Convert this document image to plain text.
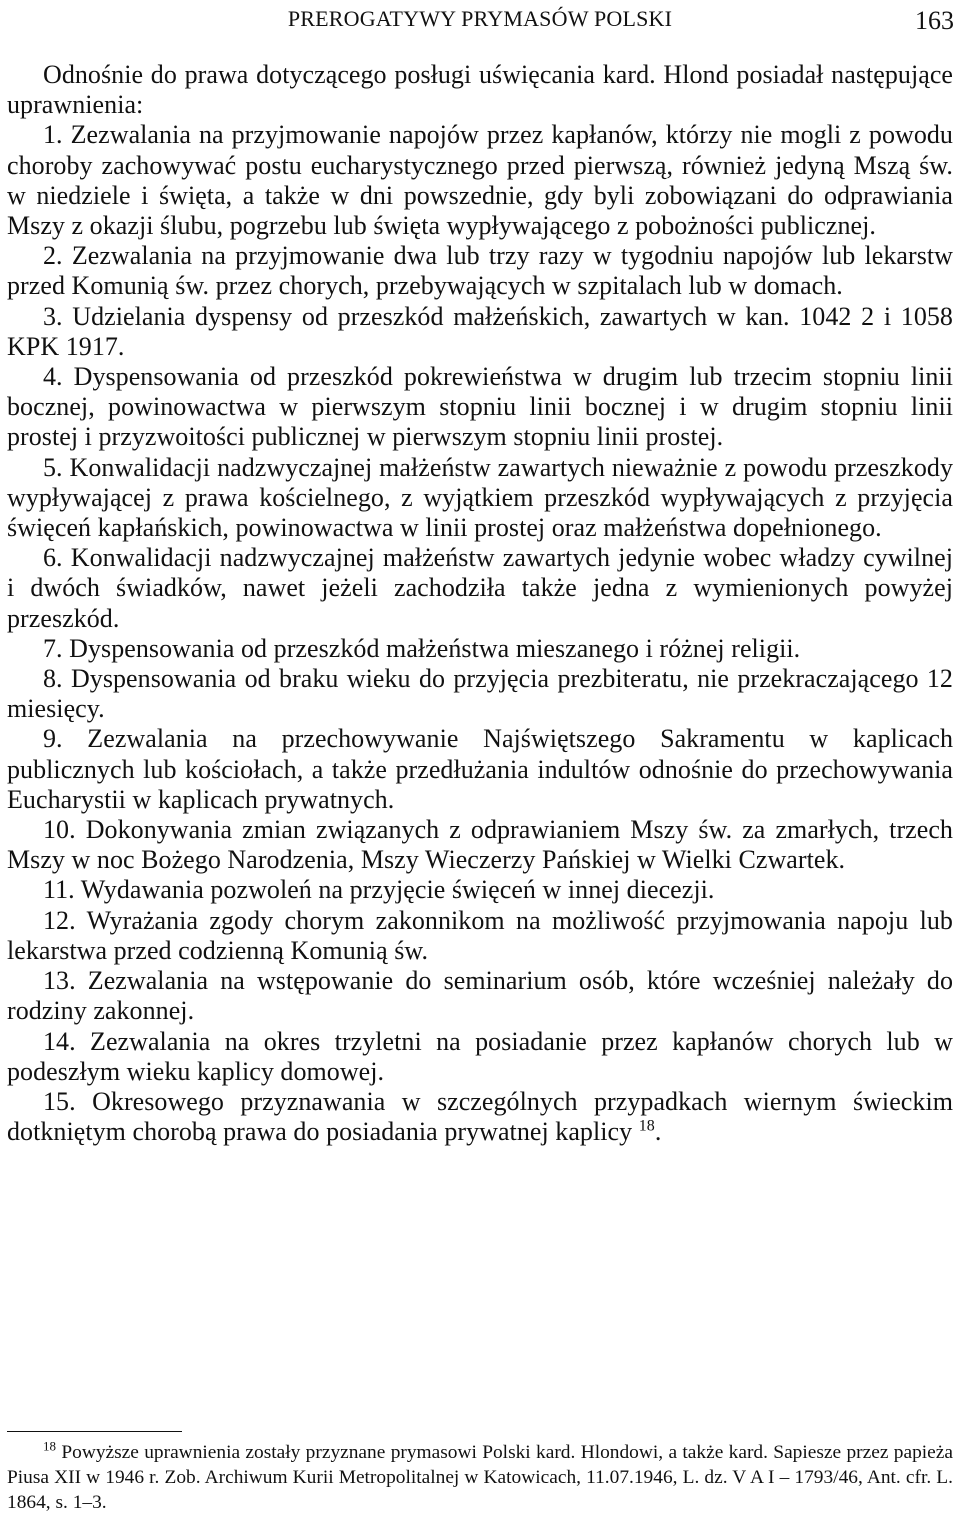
PREROGATYWY PRYMASÓW POLSKI	163

Odnośnie do prawa dotyczącego posługi uświęcania kard. Hlond posiadał następujące uprawnienia:

1. Zezwalania na przyjmowanie napojów przez kapłanów, którzy nie mogli z powodu choroby zachowywać postu eucharystycznego przed pierwszą, również jedyną Mszą św. w niedziele i święta, a także w dni powszednie, gdy byli zobowiązani do odprawiania Mszy z okazji ślubu, pogrzebu lub święta wypływającego z pobożności publicznej.

2. Zezwalania na przyjmowanie dwa lub trzy razy w tygodniu napojów lub lekarstw przed Komunią św. przez chorych, przebywających w szpitalach lub w domach.

3. Udzielania dyspensy od przeszkód małżeńskich, zawartych w kan. 1042 2 i 1058 KPK 1917.

4. Dyspensowania od przeszkód pokrewieństwa w drugim lub trzecim stopniu linii bocznej, powinowactwa w pierwszym stopniu linii bocznej i w drugim stopniu linii prostej i przyzwoitości publicznej w pierwszym stopniu linii prostej.

5. Konwalidacji nadzwyczajnej małżeństw zawartych nieważnie z powodu przeszkody wypływającej z prawa kościelnego, z wyjątkiem przeszkód wypływających z przyjęcia święceń kapłańskich, powinowactwa w linii prostej oraz małżeństwa dopełnionego.

6. Konwalidacji nadzwyczajnej małżeństw zawartych jedynie wobec władzy cywilnej i dwóch świadków, nawet jeżeli zachodziła także jedna z wymienionych powyżej przeszkód.

7. Dyspensowania od przeszkód małżeństwa mieszanego i różnej religii.

8. Dyspensowania od braku wieku do przyjęcia prezbiteratu, nie przekraczającego 12 miesięcy.

9. Zezwalania na przechowywanie Najświętszego Sakramentu w kaplicach publicznych lub kościołach, a także przedłużania indultów odnośnie do przechowywania Eucharystii w kaplicach prywatnych.

10. Dokonywania zmian związanych z odprawianiem Mszy św. za zmarłych, trzech Mszy w noc Bożego Narodzenia, Mszy Wieczerzy Pańskiej w Wielki Czwartek.

11. Wydawania pozwoleń na przyjęcie święceń w innej diecezji.

12. Wyrażania zgody chorym zakonnikom na możliwość przyjmowania napoju lub lekarstwa przed codzienną Komunią św.

13. Zezwalania na wstępowanie do seminarium osób, które wcześniej należały do rodziny zakonnej.

14. Zezwalania na okres trzyletni na posiadanie przez kapłanów chorych lub w podeszłym wieku kaplicy domowej.

15. Okresowego przyznawania w szczególnych przypadkach wiernym świeckim dotkniętym chorobą prawa do posiadania prywatnej kaplicy $^{18}$.

$^{18}$ Powyższe uprawnienia zostały przyznane prymasowi Polski kard. Hlondowi, a także kard. Sapiesze przez papieża Piusa XII w 1946 r. Zob. Archiwum Kurii Metropolitalnej w Katowicach, 11.07.1946, L. dz. V A I – 1793/46, Ant. cfr. L. 1864, s. 1–3.
